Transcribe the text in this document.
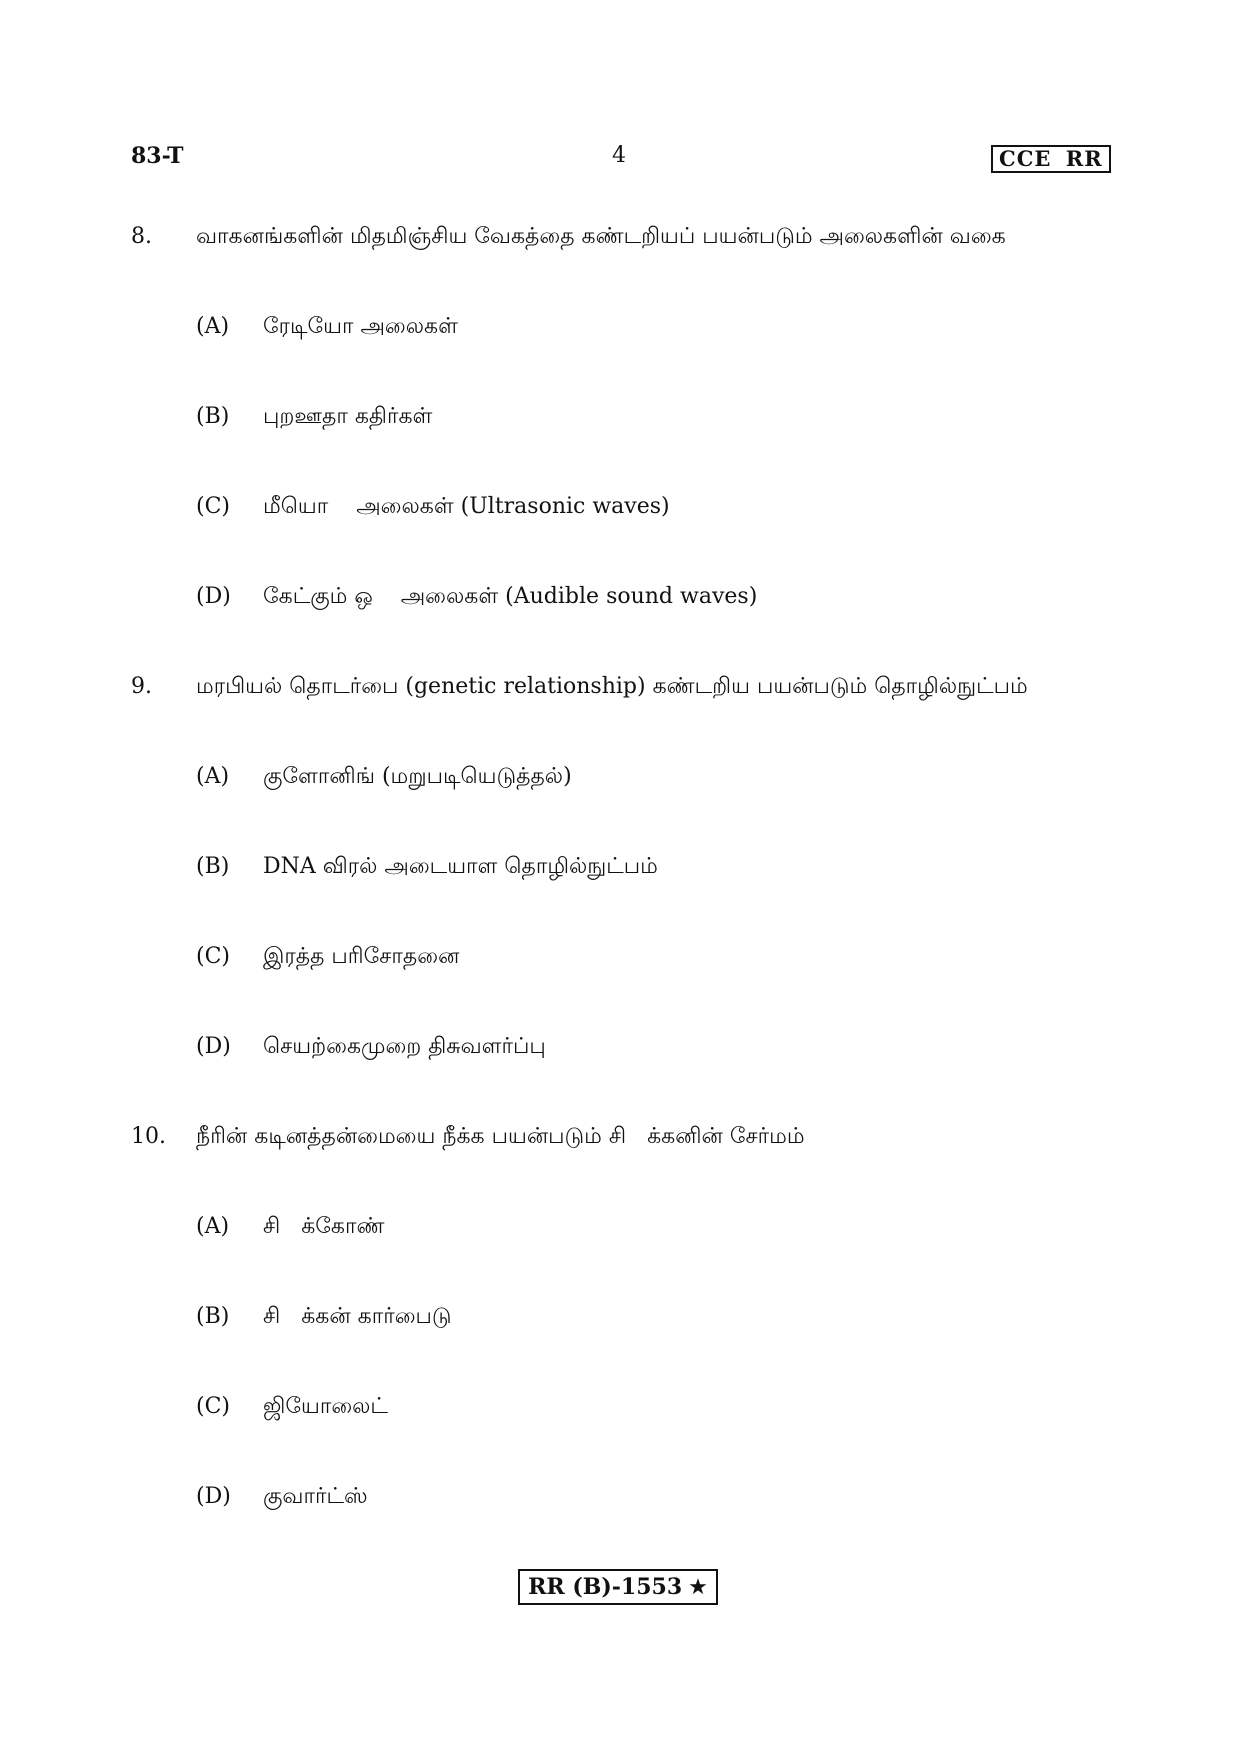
83-T	4	CCE RR
8. வாகனங்களின் மிதமிஞ்சிய வேகத்தை கண்டறியப் பயன்படும் அலைகளின் வகை
(A) ரேடியோ அலைகள்
(B) புறஊதா கதிர்கள்
(C) மீயொ    அலைகள் (Ultrasonic waves)
(D) கேட்கும் ஒ    அலைகள் (Audible sound waves)
9. மரபியல் தொடர்பை (genetic relationship) கண்டறிய பயன்படும் தொழில்நுட்பம்
(A) குளோனிங் (மறுபடியெடுத்தல்)
(B) DNA விரல் அடையாள தொழில்நுட்பம்
(C) இரத்த பரிசோதனை
(D) செயற்கைமுறை திசுவளர்ப்பு
10. நீரின் கடினத்தன்மையை நீக்க பயன்படும் சி   க்கனின் சேர்மம்
(A) சி   க்கோண்
(B) சி   க்கன் கார்பைடு
(C) ஜியோலைட்
(D) குவார்ட்ஸ்
RR (B)-1553 ★
